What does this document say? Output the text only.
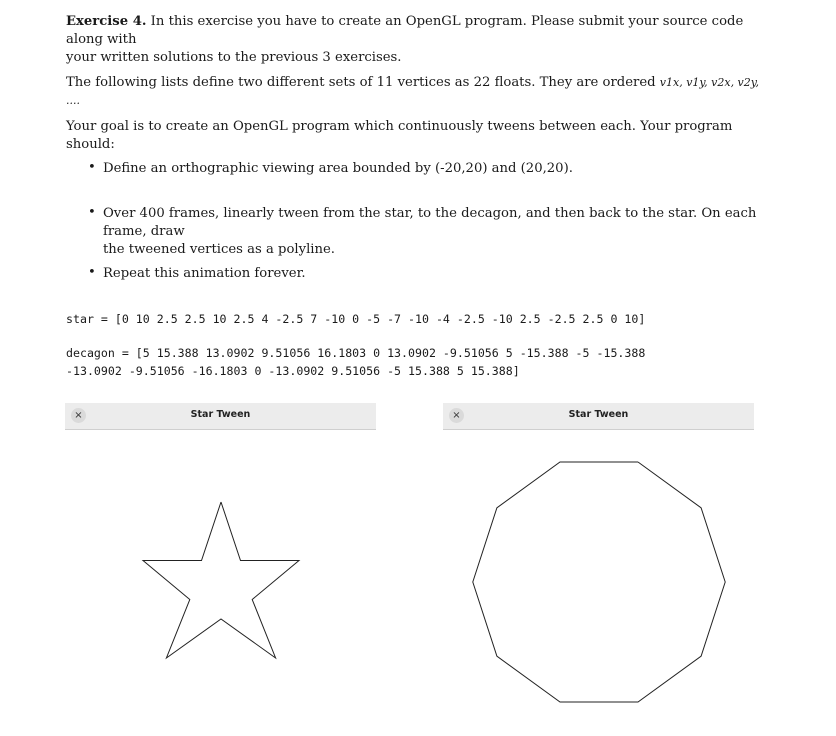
Exercise 4. In this exercise you have to create an OpenGL program. Please submit your source code along with
your written solutions to the previous 3 exercises.

The following lists define two different sets of 11 vertices as 22 floats. They are ordered v1x, v1y, v2x, v2y, ....

Your goal is to create an OpenGL program which continuously tweens between each. Your program should:

• Define an orthographic viewing area bounded by (-20,20) and (20,20).

• Over 400 frames, linearly tween from the star, to the decagon, and then back to the star. On each frame, draw
the tweened vertices as a polyline.

• Repeat this animation forever.

star = [0 10 2.5 2.5 10 2.5 4 -2.5 7 -10 0 -5 -7 -10 -4 -2.5 -10 2.5 -2.5 2.5 0 10]

decagon = [5 15.388 13.0902 9.51056 16.1803 0 13.0902 -9.51056 5 -15.388 -5 -15.388
-13.0902 -9.51056 -16.1803 0 -13.0902 9.51056 -5 15.388 5 15.388]

×	Star Tween	×	Star Tween
